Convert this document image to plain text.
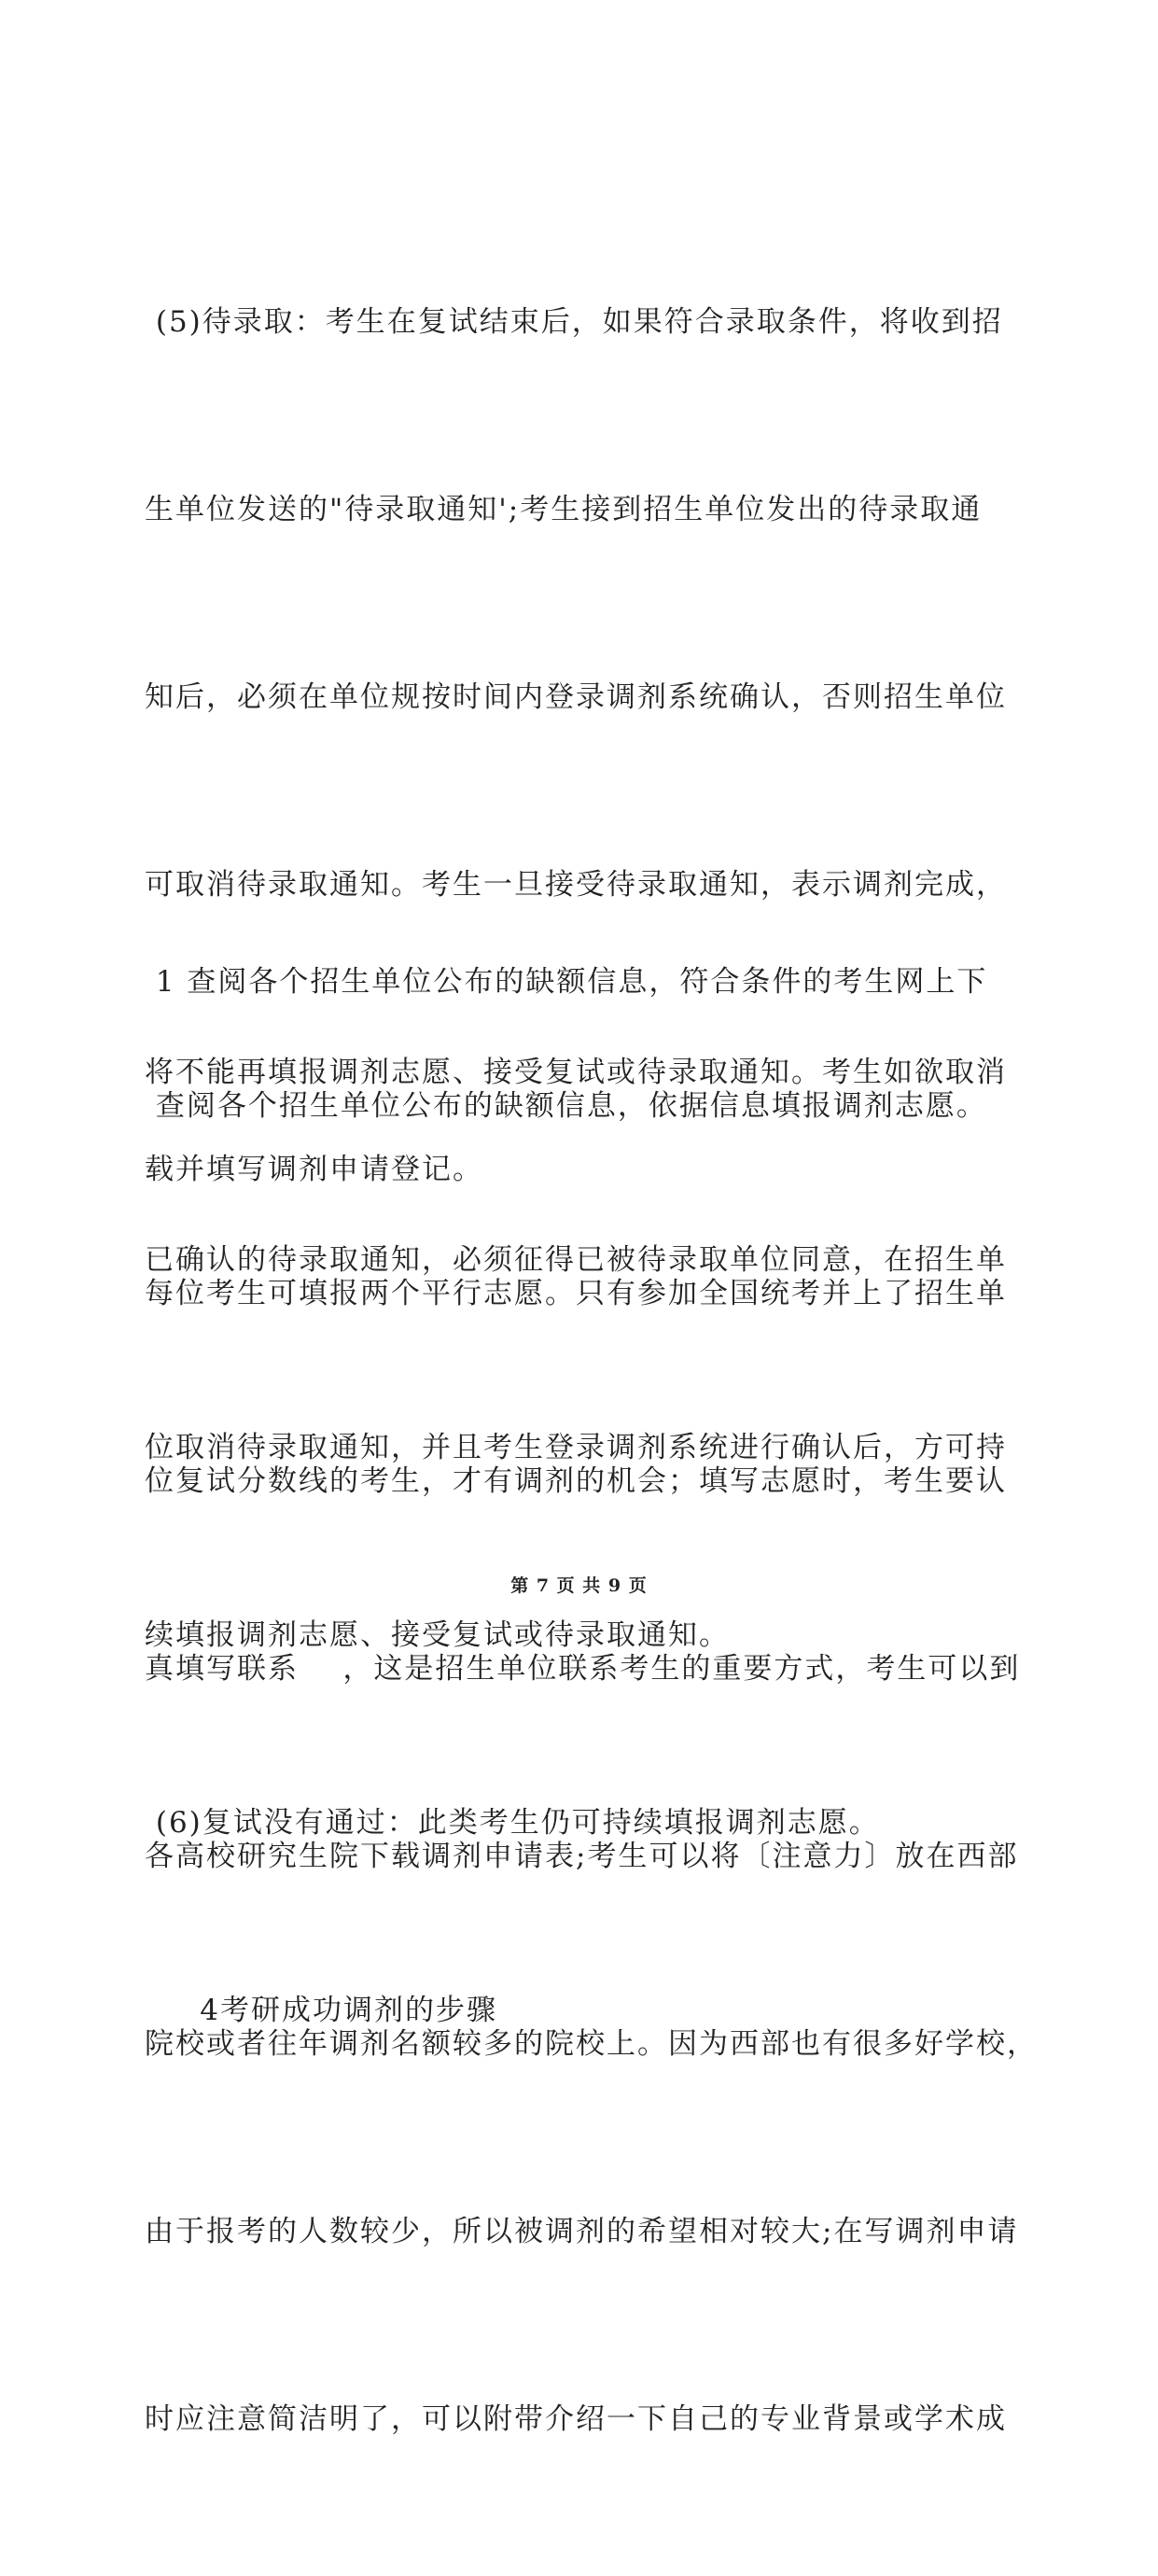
(5)待录取：考生在复试结束后，如果符合录取条件，将收到招

生单位发送的"待录取通知';考生接到招生单位发出的待录取通

知后，必须在单位规按时间内登录调剂系统确认，否则招生单位

可取消待录取通知。考生一旦接受待录取通知，表示调剂完成，

将不能再填报调剂志愿、接受复试或待录取通知。考生如欲取消

已确认的待录取通知，必须征得已被待录取单位同意，在招生单

位取消待录取通知，并且考生登录调剂系统进行确认后，方可持

续填报调剂志愿、接受复试或待录取通知。

(6)复试没有通过：此类考生仍可持续填报调剂志愿。

4考研成功调剂的步骤

1 查阅各个招生单位公布的缺额信息，符合条件的考生网上下

载并填写调剂申请登记。

查阅各个招生单位公布的缺额信息，依据信息填报调剂志愿。

每位考生可填报两个平行志愿。只有参加全国统考并上了招生单

位复试分数线的考生，才有调剂的机会；填写志愿时，考生要认

真填写联系    ，这是招生单位联系考生的重要方式，考生可以到

各高校研究生院下载调剂申请表;考生可以将〔注意力〕放在西部

院校或者往年调剂名额较多的院校上。因为西部也有很多好学校，

由于报考的人数较少，所以被调剂的希望相对较大;在写调剂申请

时应注意简洁明了，可以附带介绍一下自己的专业背景或学术成

第 7 页 共 9 页
